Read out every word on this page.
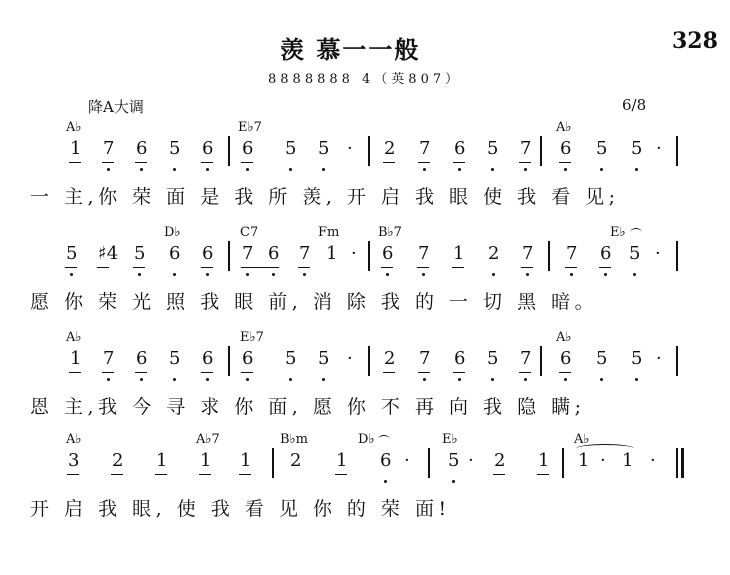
羡 慕一一般	328
8888888 4（英807）
降A大调	6/8
A♭	E♭7	A♭
1 7 6 5 6 6 5 5 · 2 7 6 5 7 6 5 5 ·
一 主,你 荣 面 是 我 所 羡, 开 启 我 眼 使 我 看 见;
D♭	C7	Fm	B♭7	E♭
5 ♯4 5 6 6 7 6 7 1 · 6 7 1 2 7 7 6 5 ·
愿 你 荣 光 照 我 眼 前, 消 除 我 的 一 切 黑 暗。
A♭	E♭7	A♭
1 7 6 5 6 6 5 5 · 2 7 6 5 7 6 5 5 ·
恩 主,我 今 寻 求 你 面, 愿 你 不 再 向 我 隐 瞒;
A♭	A♭7	B♭m	D♭	E♭	A♭
3 2 1 1 1 2 1 6 · 5 · 2 1 1 · 1 ·
开 启 我 眼, 使 我 看 见 你 的 荣 面!
